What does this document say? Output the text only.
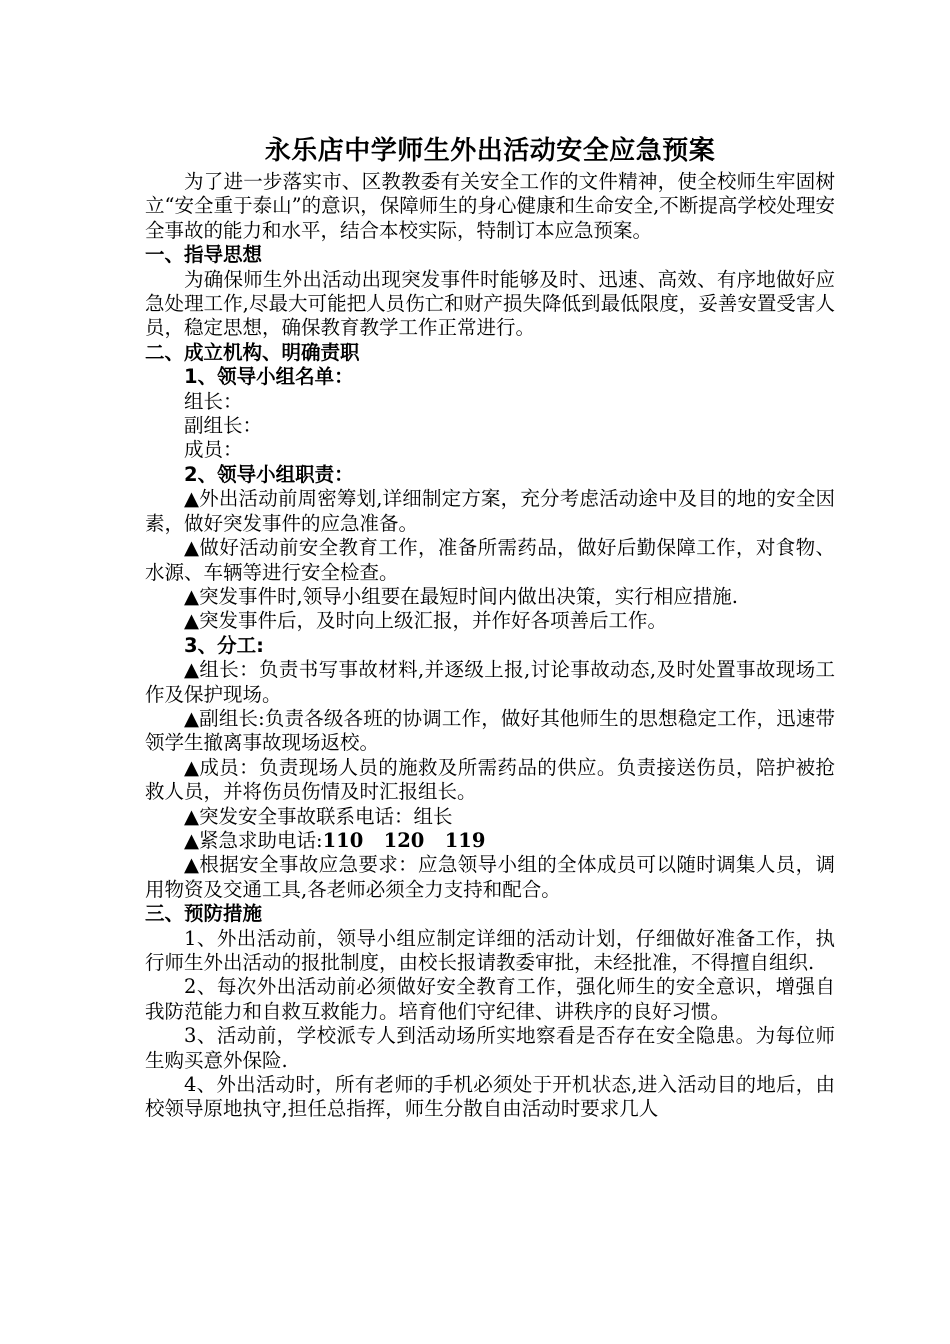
永乐店中学师生外出活动安全应急预案

为了进一步落实市、区教教委有关安全工作的文件精神，使全校师生牢固树立“安全重于泰山”的意识，保障师生的身心健康和生命安全,不断提高学校处理安全事故的能力和水平，结合本校实际，特制订本应急预案。

一、指导思想

为确保师生外出活动出现突发事件时能够及时、迅速、高效、有序地做好应急处理工作,尽最大可能把人员伤亡和财产损失降低到最低限度，妥善安置受害人员，稳定思想，确保教育教学工作正常进行。

二、成立机构、明确责职

1、领导小组名单：

组长：

副组长：

成员：

2、领导小组职责：

▲外出活动前周密筹划,详细制定方案，充分考虑活动途中及目的地的安全因素，做好突发事件的应急准备。

▲做好活动前安全教育工作，准备所需药品，做好后勤保障工作，对食物、水源、车辆等进行安全检查。

▲突发事件时,领导小组要在最短时间内做出决策，实行相应措施.

▲突发事件后，及时向上级汇报，并作好各项善后工作。

3、分工:

▲组长：负责书写事故材料,并逐级上报,讨论事故动态,及时处置事故现场工作及保护现场。

▲副组长:负责各级各班的协调工作，做好其他师生的思想稳定工作，迅速带领学生撤离事故现场返校。

▲成员：负责现场人员的施救及所需药品的供应。负责接送伤员，陪护被抢救人员，并将伤员伤情及时汇报组长。

▲突发安全事故联系电话：组长

▲紧急求助电话:110   120   119

▲根据安全事故应急要求：应急领导小组的全体成员可以随时调集人员，调用物资及交通工具,各老师必须全力支持和配合。

三、预防措施

1、外出活动前，领导小组应制定详细的活动计划，仔细做好准备工作，执行师生外出活动的报批制度，由校长报请教委审批，未经批准，不得擅自组织.

2、每次外出活动前必须做好安全教育工作，强化师生的安全意识，增强自我防范能力和自救互救能力。培育他们守纪律、讲秩序的良好习惯。

3、活动前，学校派专人到活动场所实地察看是否存在安全隐患。为每位师生购买意外保险.

4、外出活动时，所有老师的手机必须处于开机状态,进入活动目的地后，由校领导原地执守,担任总指挥，师生分散自由活动时要求几人
